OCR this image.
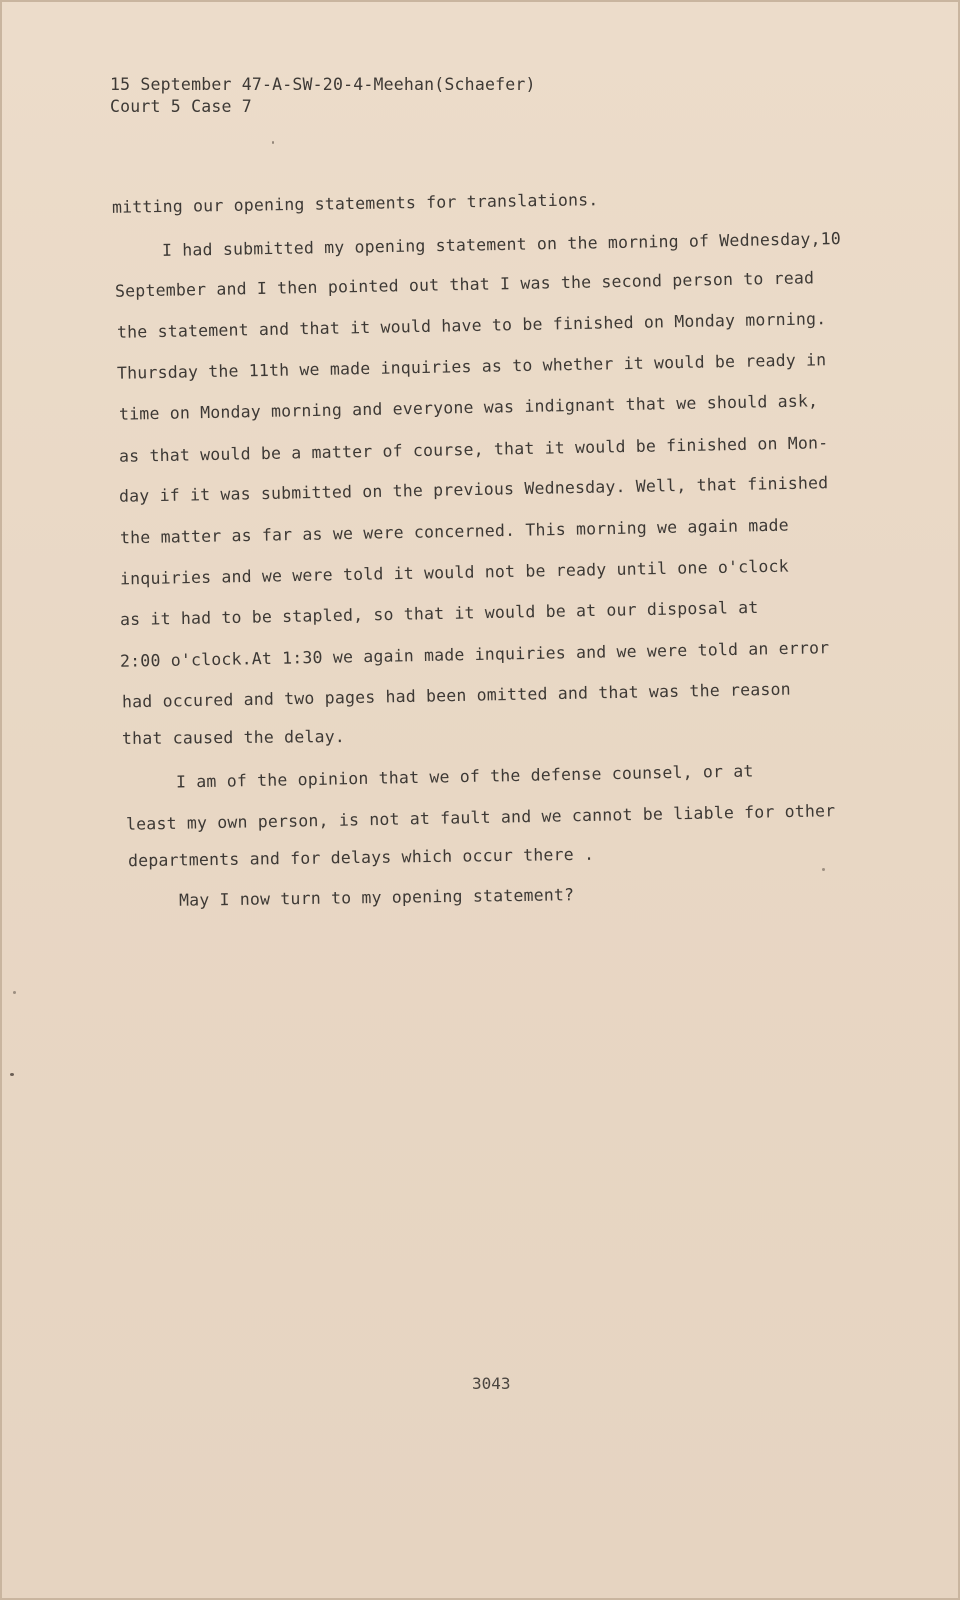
15 September 47-A-SW-20-4-Meehan(Schaefer)
Court 5 Case 7
mitting our opening statements for translations.
I had submitted my opening statement on the morning of Wednesday,10
September and I then pointed out that I was the second person to read
the statement and that it would have to be finished on Monday morning.
Thursday the 11th we made inquiries as to whether it would be ready in
time on Monday morning and everyone was indignant that we should ask,
as that would be a matter of course, that it would be finished on Mon-
day if it was submitted on the previous Wednesday. Well, that finished
the matter as far as we were concerned. This morning we again made
inquiries and we were told it would not be ready until one o'clock
as it had to be stapled, so that it would be at our disposal at
2:00 o'clock.At 1:30 we again made inquiries and we were told an error
had occured and two pages had been omitted and that was the reason
that caused the delay.
I am of the opinion that we of the defense counsel, or at
least my own person, is not at fault and we cannot be liable for other
departments and for delays which occur there .
May I now turn to my opening statement?
3043
